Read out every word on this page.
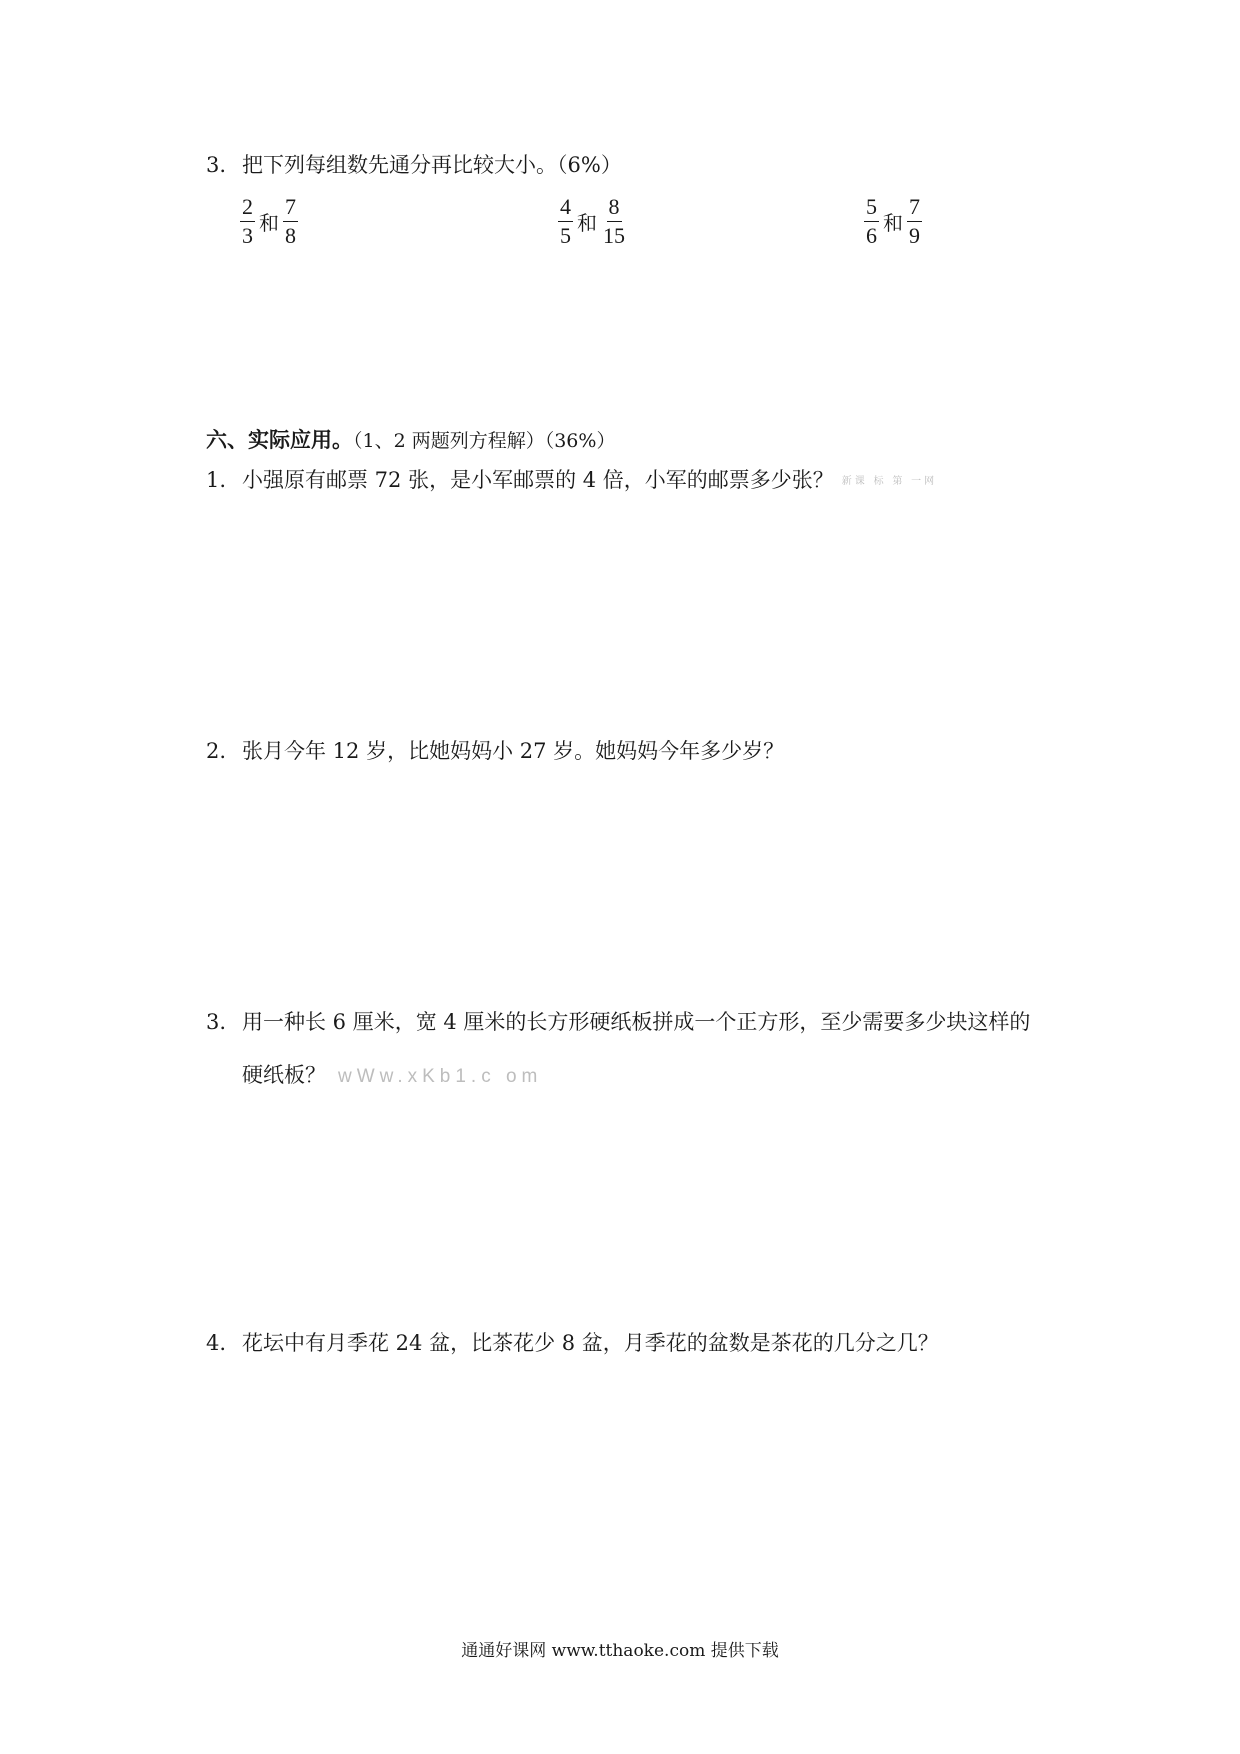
3. 把下列每组数先通分再比较大小。（6%）
$\frac{2}{3}$ 和 $\frac{7}{8}$	$\frac{4}{5}$ 和 $\frac{8}{15}$	$\frac{5}{6}$ 和 $\frac{7}{9}$
六、实际应用。（1、2 两题列方程解）（36%）
1. 小强原有邮票 72 张，是小军邮票的 4 倍，小军的邮票多少张？ 新课 标 第 一网
2. 张月今年 12 岁，比她妈妈小 27 岁。她妈妈今年多少岁？
3. 用一种长 6 厘米，宽 4 厘米的长方形硬纸板拼成一个正方形，至少需要多少块这样的
硬纸板？ wWw.xKb1.c om
4. 花坛中有月季花 24 盆，比茶花少 8 盆，月季花的盆数是茶花的几分之几？
通通好课网 www.tthaoke.com 提供下载
